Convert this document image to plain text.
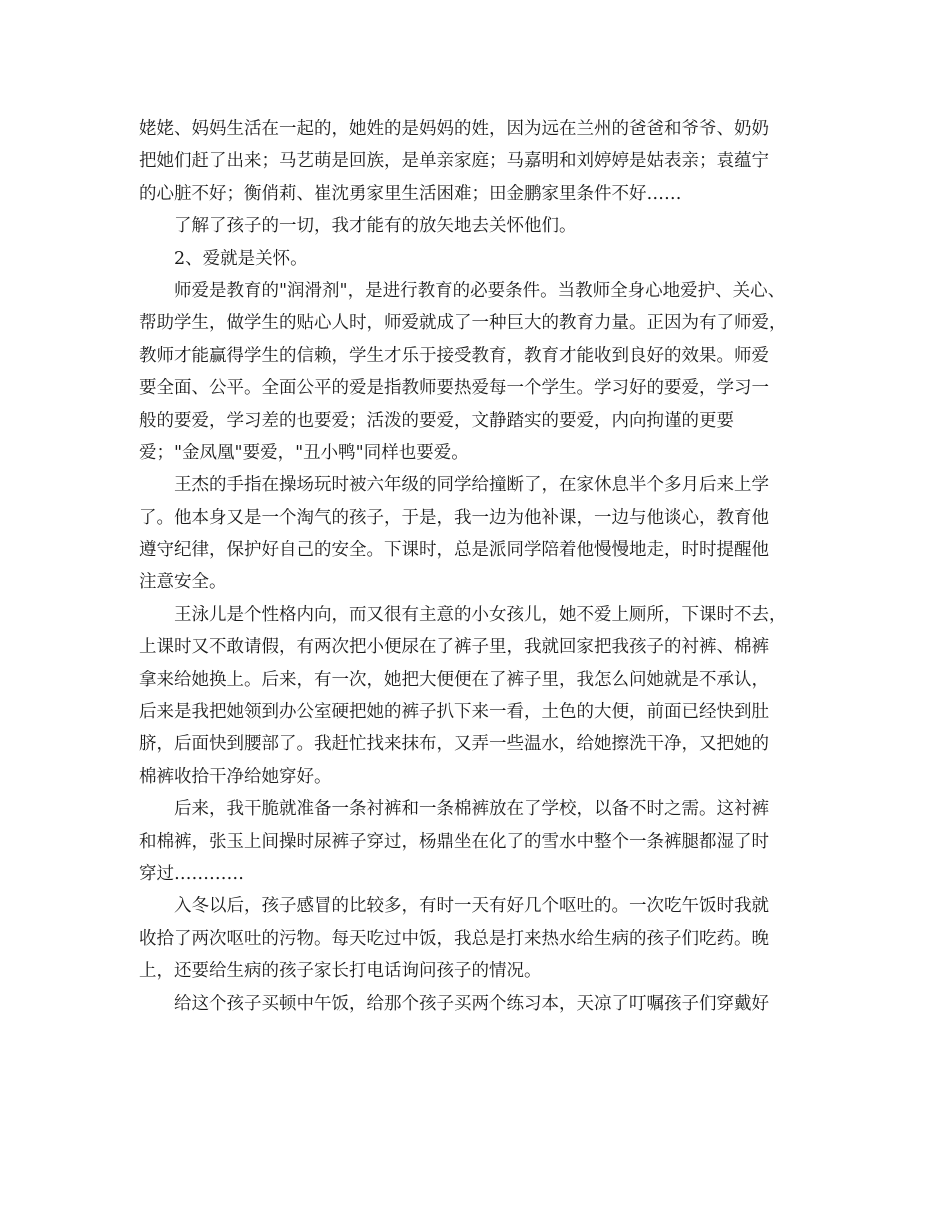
姥姥、妈妈生活在一起的，她姓的是妈妈的姓，因为远在兰州的爸爸和爷爷、奶奶
把她们赶了出来；马艺萌是回族，是单亲家庭；马嘉明和刘婷婷是姑表亲；袁蕴宁
的心脏不好；衡俏莉、崔沈勇家里生活困难；田金鹏家里条件不好……
了解了孩子的一切，我才能有的放矢地去关怀他们。
2、爱就是关怀。
师爱是教育的"润滑剂"，是进行教育的必要条件。当教师全身心地爱护、关心、
帮助学生，做学生的贴心人时，师爱就成了一种巨大的教育力量。正因为有了师爱，
教师才能赢得学生的信赖，学生才乐于接受教育，教育才能收到良好的效果。师爱
要全面、公平。全面公平的爱是指教师要热爱每一个学生。学习好的要爱，学习一
般的要爱，学习差的也要爱；活泼的要爱，文静踏实的要爱，内向拘谨的更要
爱；"金凤凰"要爱，"丑小鸭"同样也要爱。
王杰的手指在操场玩时被六年级的同学给撞断了，在家休息半个多月后来上学
了。他本身又是一个淘气的孩子，于是，我一边为他补课，一边与他谈心，教育他
遵守纪律，保护好自己的安全。下课时，总是派同学陪着他慢慢地走，时时提醒他
注意安全。
王泳儿是个性格内向，而又很有主意的小女孩儿，她不爱上厕所，下课时不去，
上课时又不敢请假，有两次把小便尿在了裤子里，我就回家把我孩子的衬裤、棉裤
拿来给她换上。后来，有一次，她把大便便在了裤子里，我怎么问她就是不承认，
后来是我把她领到办公室硬把她的裤子扒下来一看，土色的大便，前面已经快到肚
脐，后面快到腰部了。我赶忙找来抹布，又弄一些温水，给她擦洗干净，又把她的
棉裤收拾干净给她穿好。
后来，我干脆就准备一条衬裤和一条棉裤放在了学校，以备不时之需。这衬裤
和棉裤，张玉上间操时尿裤子穿过，杨鼎坐在化了的雪水中整个一条裤腿都湿了时
穿过…………
入冬以后，孩子感冒的比较多，有时一天有好几个呕吐的。一次吃午饭时我就
收拾了两次呕吐的污物。每天吃过中饭，我总是打来热水给生病的孩子们吃药。晚
上，还要给生病的孩子家长打电话询问孩子的情况。
给这个孩子买顿中午饭，给那个孩子买两个练习本，天凉了叮嘱孩子们穿戴好
